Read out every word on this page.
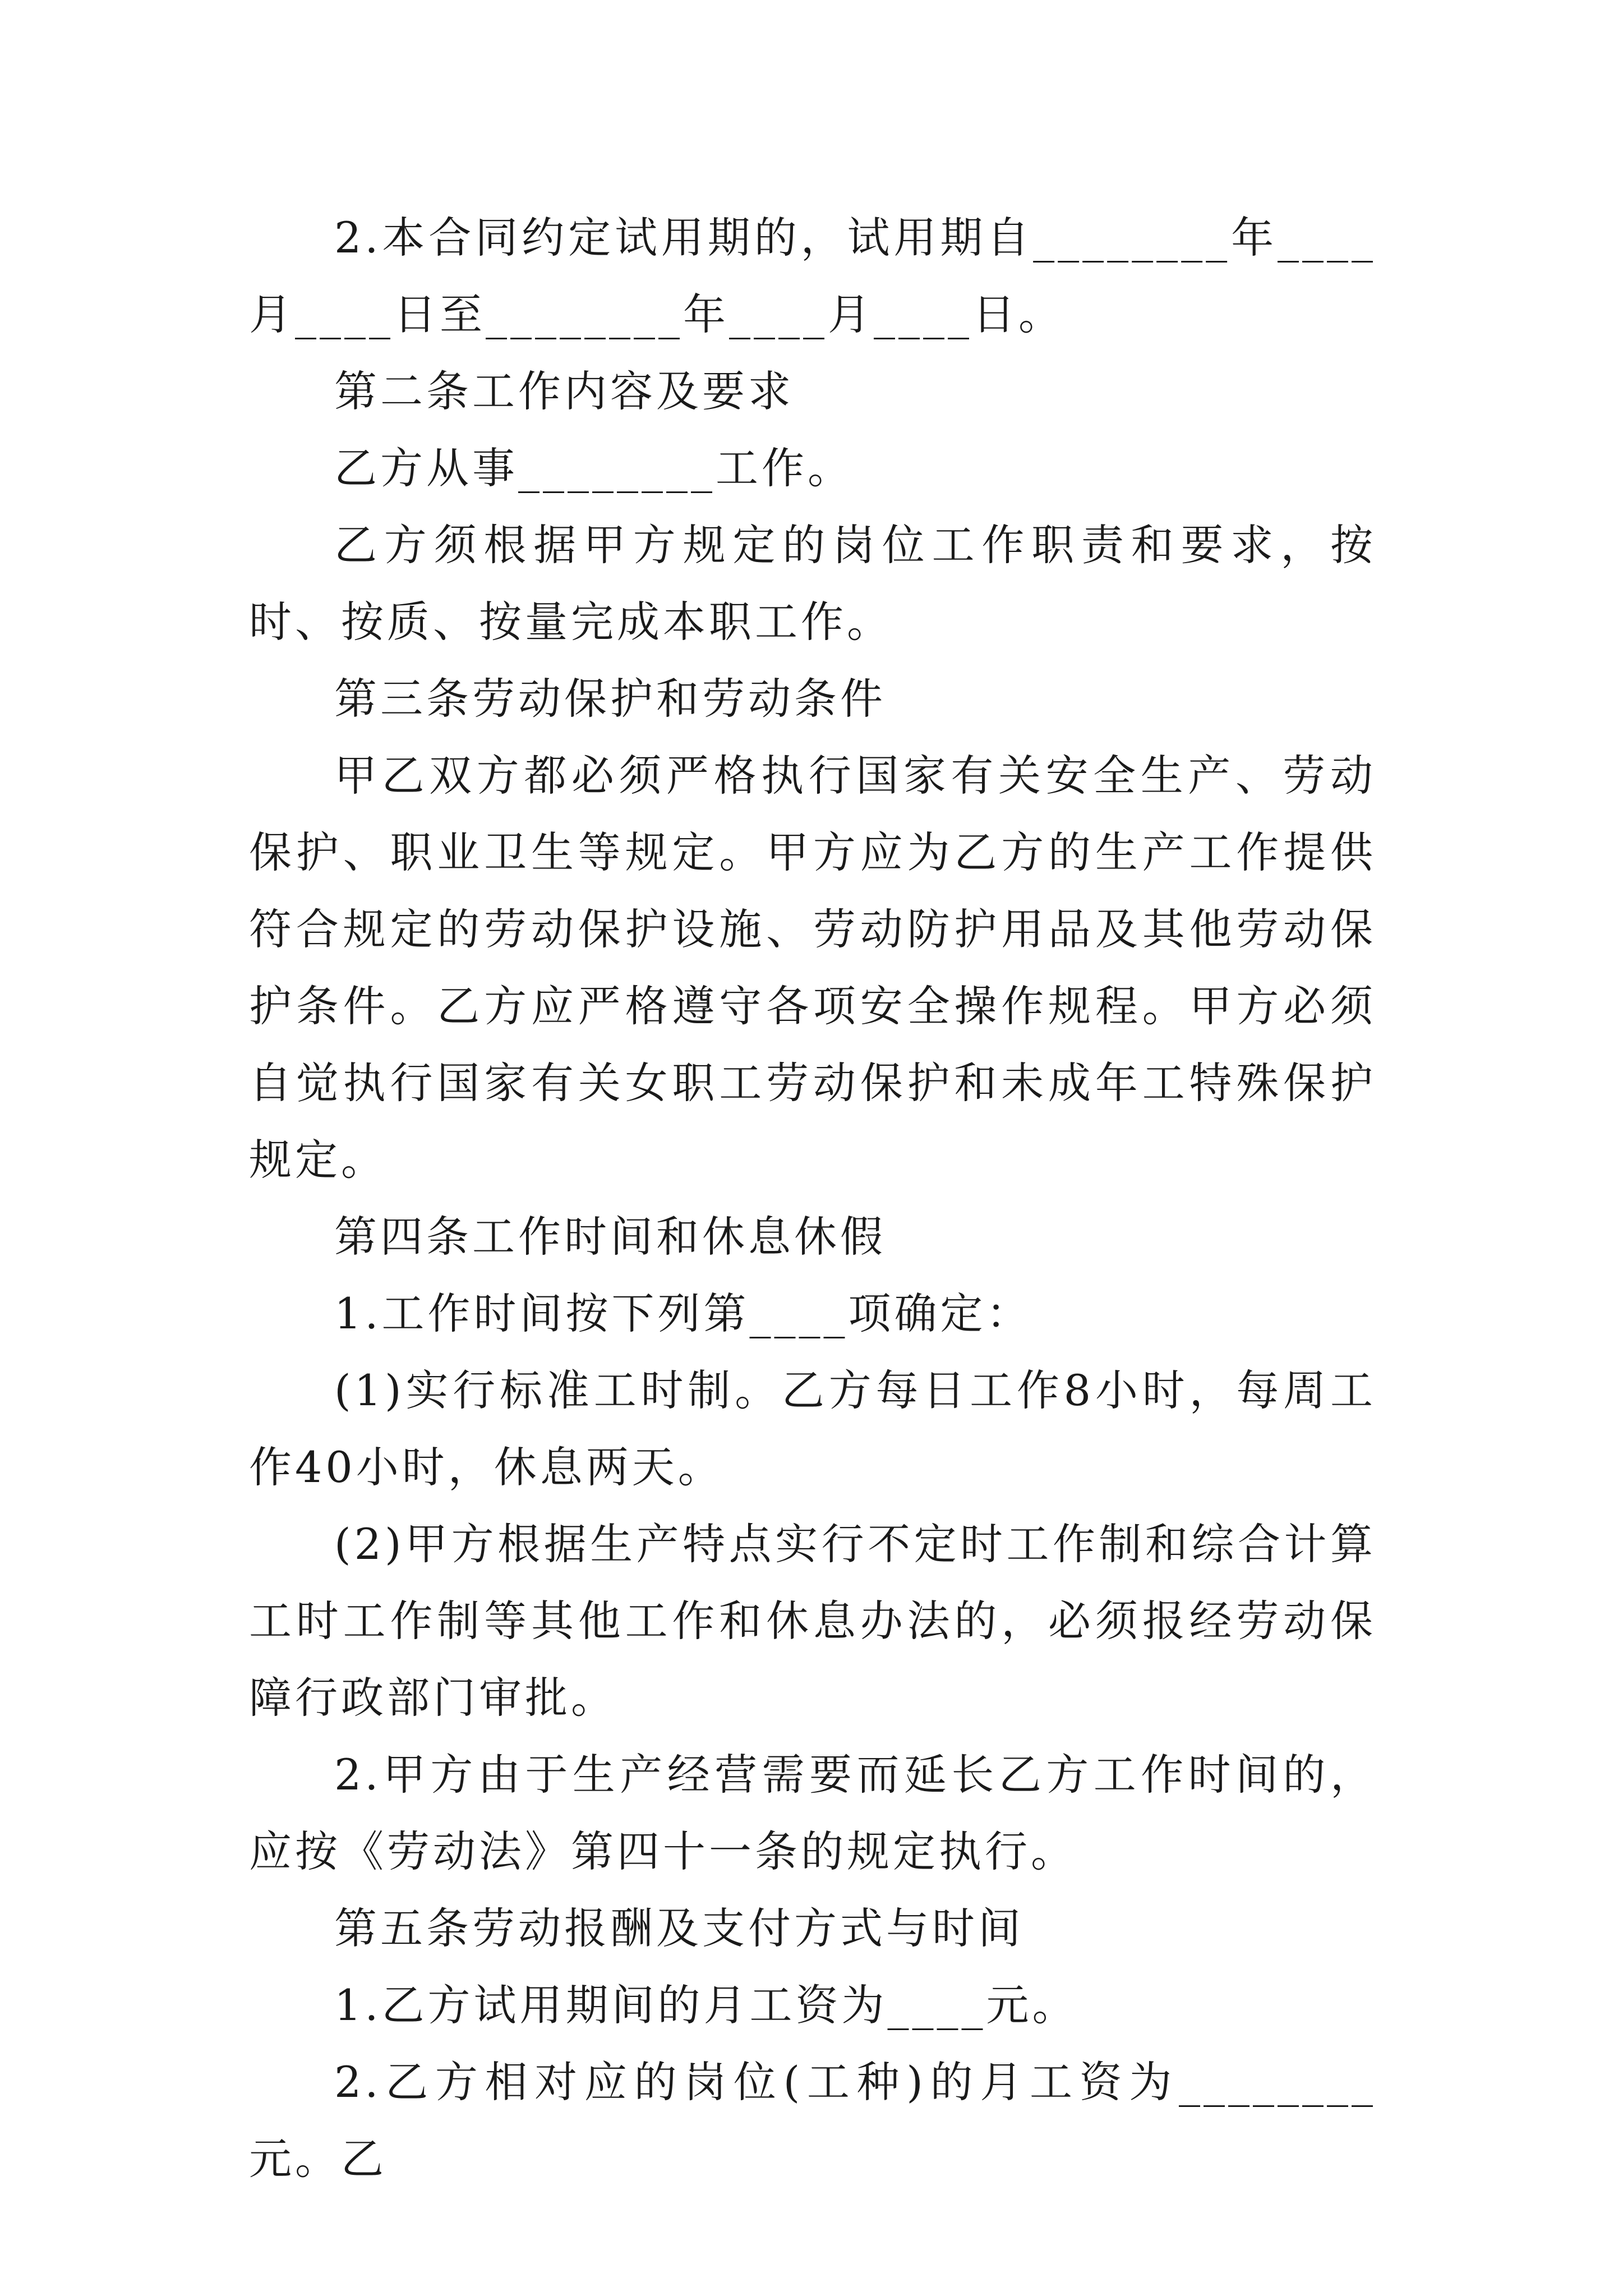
2.本合同约定试用期的，试用期自________年____月____日至________年____月____日。

第二条工作内容及要求

乙方从事________工作。

乙方须根据甲方规定的岗位工作职责和要求，按时、按质、按量完成本职工作。

第三条劳动保护和劳动条件

甲乙双方都必须严格执行国家有关安全生产、劳动保护、职业卫生等规定。甲方应为乙方的生产工作提供符合规定的劳动保护设施、劳动防护用品及其他劳动保护条件。乙方应严格遵守各项安全操作规程。甲方必须自觉执行国家有关女职工劳动保护和未成年工特殊保护规定。

第四条工作时间和休息休假

1.工作时间按下列第____项确定：

(1)实行标准工时制。乙方每日工作8小时，每周工作40小时，休息两天。

(2)甲方根据生产特点实行不定时工作制和综合计算工时工作制等其他工作和休息办法的，必须报经劳动保障行政部门审批。

2.甲方由于生产经营需要而延长乙方工作时间的，应按《劳动法》第四十一条的规定执行。

第五条劳动报酬及支付方式与时间

1.乙方试用期间的月工资为____元。

2.乙方相对应的岗位(工种)的月工资为________元。乙
